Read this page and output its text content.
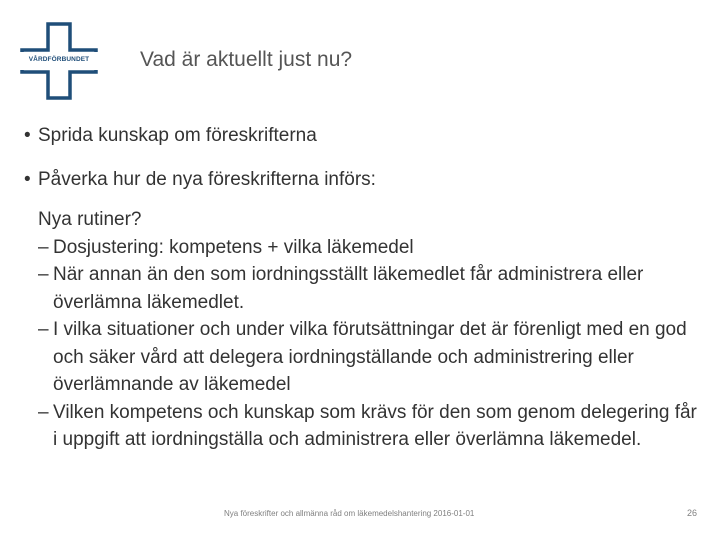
VÅRDFÖRBUNDET	Vad är aktuellt just nu?
• Sprida kunskap om föreskrifterna
• Påverka hur de nya föreskrifterna införs:
Nya rutiner?
– Dosjustering: kompetens + vilka läkemedel
– När annan än den som iordningsställt läkemedlet får administrera eller överlämna läkemedlet.
– I vilka situationer och under vilka förutsättningar det är förenligt med en god och säker vård att delegera iordningställande och administrering eller överlämnande av läkemedel
– Vilken kompetens och kunskap som krävs för den som genom delegering får i uppgift att iordningställa och administrera eller överlämna läkemedel.
Nya föreskrifter och allmänna råd om läkemedelshantering 2016-01-01	26
